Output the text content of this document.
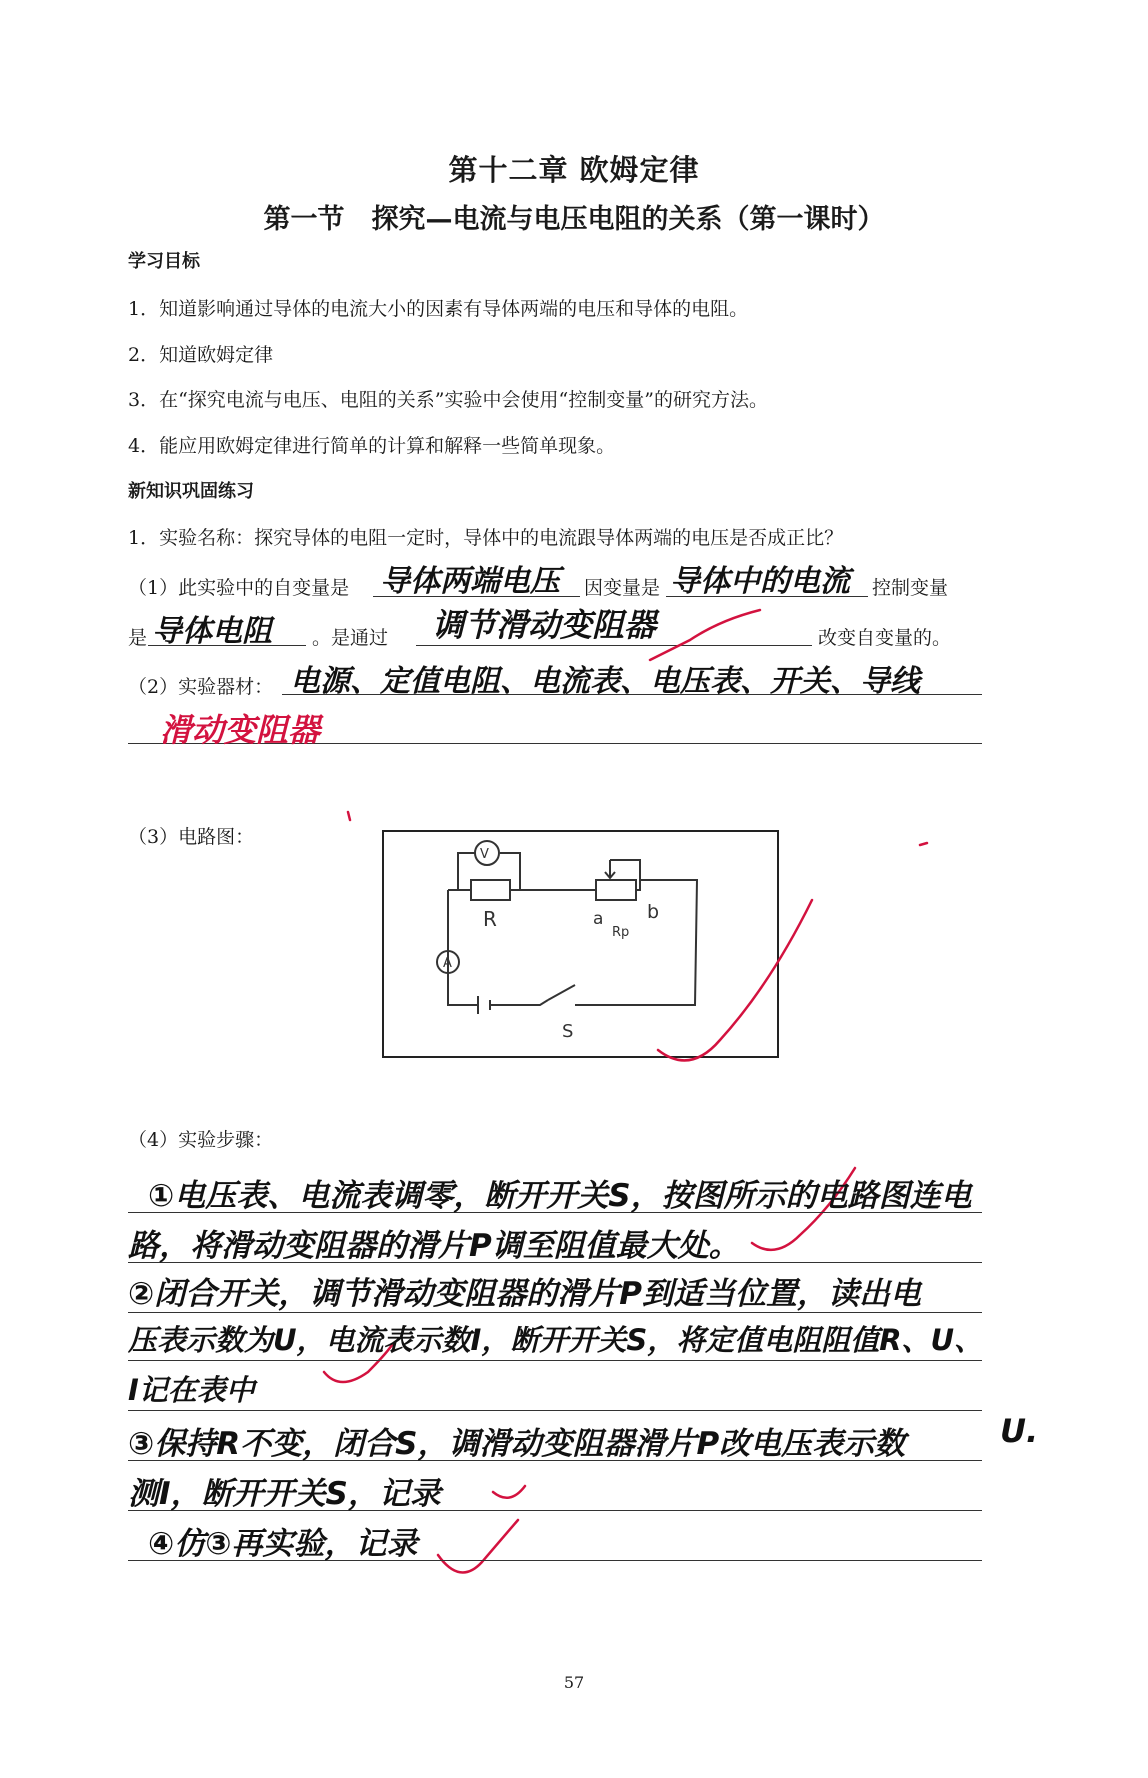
第十二章 欧姆定律
第一节　探究—电流与电压电阻的关系（第一课时）
学习目标
1．知道影响通过导体的电流大小的因素有导体两端的电压和导体的电阻。
2．知道欧姆定律
3．在“探究电流与电压、电阻的关系”实验中会使用“控制变量”的研究方法。
4．能应用欧姆定律进行简单的计算和解释一些简单现象。
新知识巩固练习
1．实验名称：探究导体的电阻一定时，导体中的电流跟导体两端的电压是否成正比？
（1）此实验中的自变量是 导体两端电压 因变量是 导体中的电流 控制变量
是 导体电阻 。是通过 调节滑动变阻器	改变自变量的。
（2）实验器材： 电源、定值电阻、电流表、电压表、开关、导线
滑动变阻器
（3）电路图：
V
A
R	a
Rp
b
S
（4）实验步骤：
①电压表、电流表调零，断开开关S，按图所示的电路图连电
路，将滑动变阻器的滑片P调至阻值最大处。
②闭合开关，调节滑动变阻器的滑片P到适当位置，读出电
压表示数为U，电流表示数I，断开开关S，将定值电阻阻值R、U、
I记在表中
③保持R不变，闭合S，调滑动变阻器滑片P改电压表示数	U.
测I，断开开关S，记录
④仿③再实验，记录
57
